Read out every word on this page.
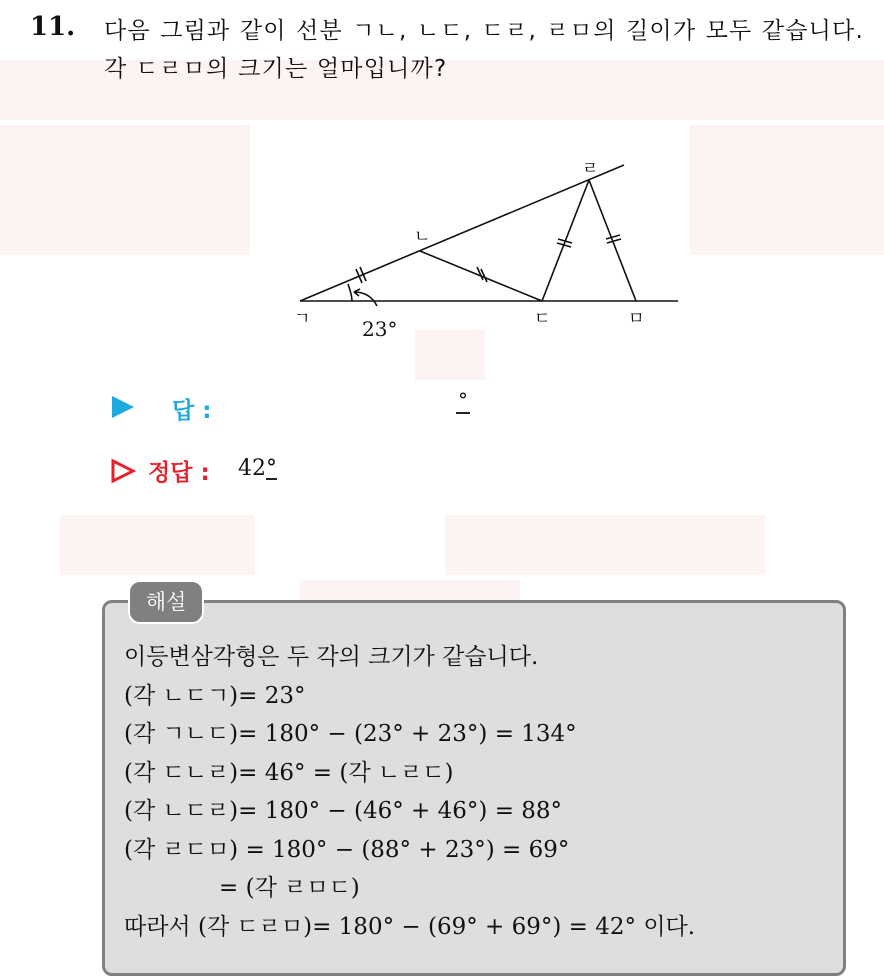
11. 다음 그림과 같이 선분 ㄱㄴ, ㄴㄷ, ㄷㄹ, ㄹㅁ의 길이가 모두 같습니다. 각 ㄷㄹㅁ의 크기는 얼마입니까?
ㄱ
ㄴ
ㄷ
ㄹ
ㅁ
23°
답 :	°
정답 : 42°
해설
이등변삼각형은 두 각의 크기가 같습니다.
(각 ㄴㄷㄱ)= 23°
(각 ㄱㄴㄷ)= 180° − (23° + 23°) = 134°
(각 ㄷㄴㄹ)= 46° = (각 ㄴㄹㄷ)
(각 ㄴㄷㄹ)= 180° − (46° + 46°) = 88°
(각 ㄹㄷㅁ) = 180° − (88° + 23°) = 69°
= (각 ㄹㅁㄷ)
따라서 (각 ㄷㄹㅁ)= 180° − (69° + 69°) = 42° 이다.
